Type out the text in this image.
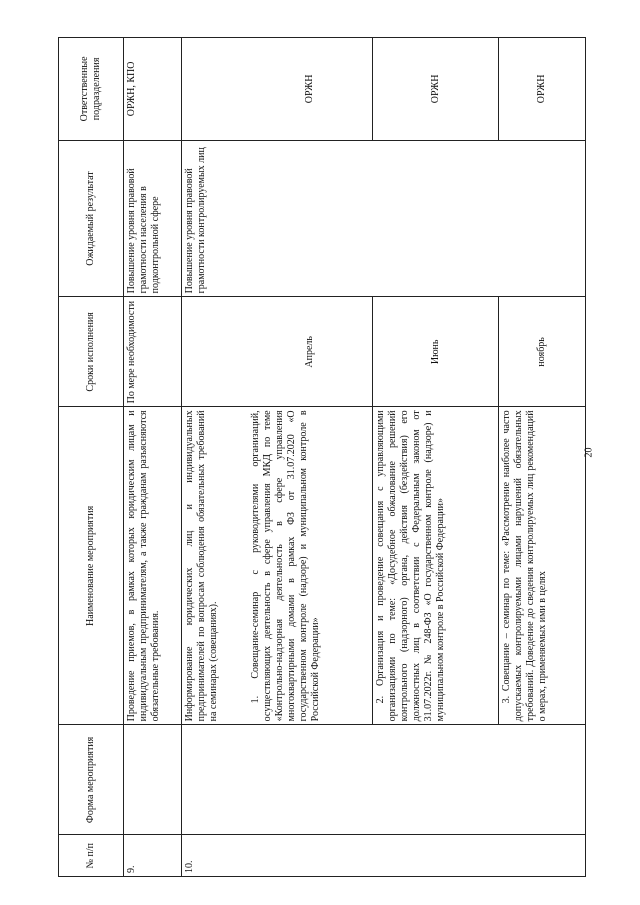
№ п/п	Форма мероприятия	Наименование мероприятия	Сроки исполнения	Ожидаемый результат	Ответственные подразделения
9.		Проведение приемов, в рамках которых юридическим лицам и индивидуальным предпринимателям, а также гражданам разъясняются обязательные требования.	По мере необходимости	Повышение уровня правовой грамотности населения в подконтрольной сфере	ОРЖН, КПО
10.		Информирование юридических лиц и индивидуальных предпринимателей по вопросам соблюдения обязательных требований на семинарах (совещаниях).		Повышение уровня правовой грамотности контролируемых лиц	

		1. Совещание-семинар с руководителями организаций, осуществляющих деятельность в сфере управления МКД по теме «Контрольно-надзорная деятельность в сфере управления многоквартирными домами в рамках ФЗ от 31.07.2020 «О государственном контроле (надзоре) и муниципальном контроле в Российской Федерации»	Апрель		ОРЖН

		2. Организация и проведение совещания с управляющими организациями по теме: «Досудебное обжалование решений контрольного (надзорного) органа, действия (бездействия) его должностных лиц в соответствии с Федеральным законом от 31.07.2022г. № 248-ФЗ «О государственном контроле (надзоре) и муниципальном контроле в Российской Федерации»	Июнь		ОРЖН

		3. Совещание – семинар по теме: «Рассмотрение наиболее часто допускаемых контролируемыми лицами нарушений обязательных требований. Доведение до сведения контролируемых лиц рекомендаций о мерах, применяемых ими в целях	ноябрь		ОРЖН
20
